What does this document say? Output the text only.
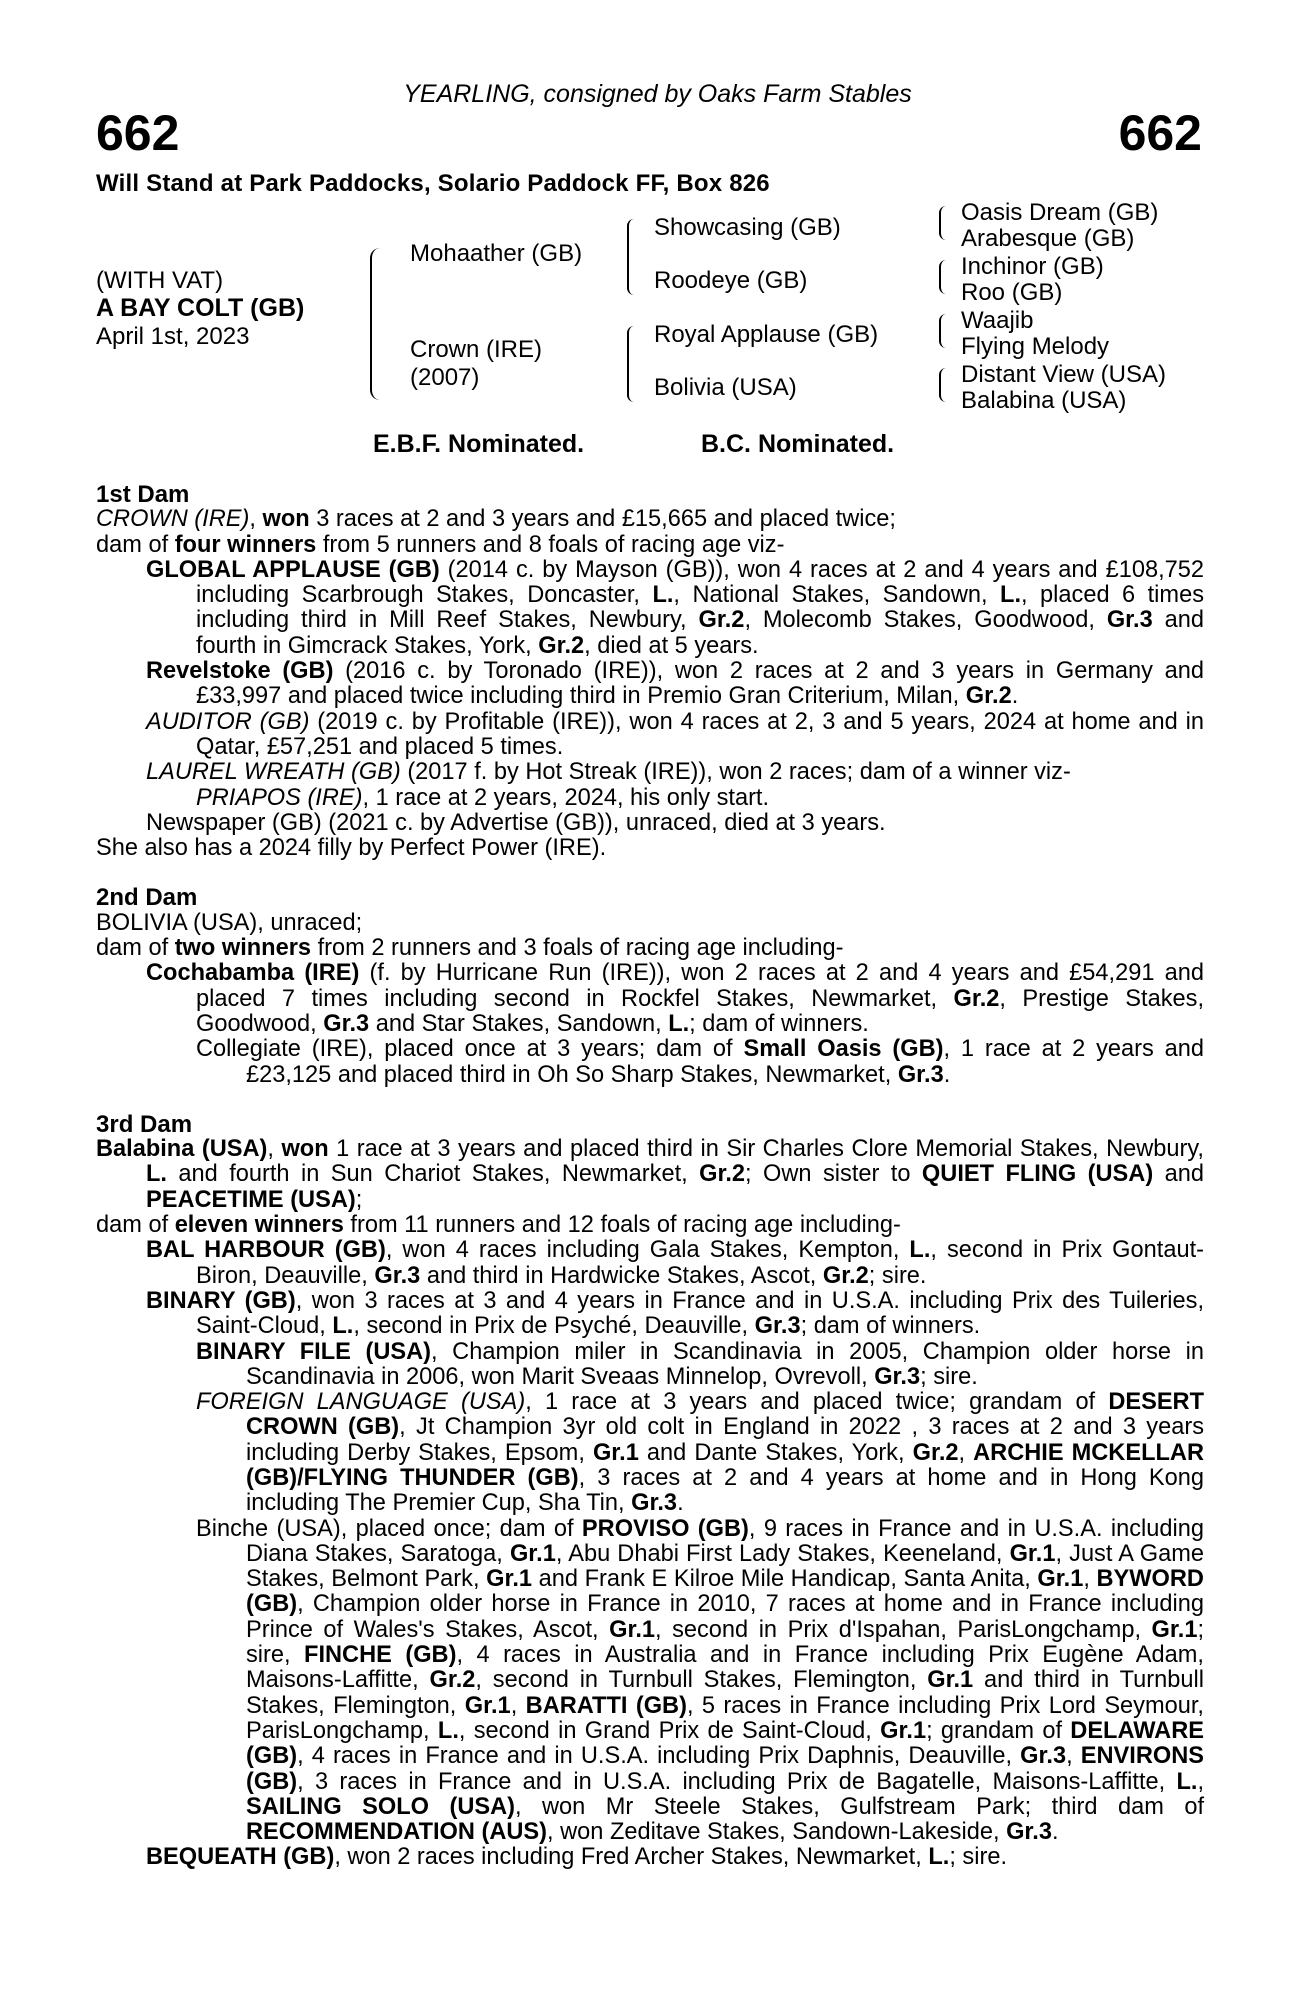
YEARLING, consigned by Oaks Farm Stables
662	662
Will Stand at Park Paddocks, Solario Paddock FF, Box 826
(WITH VAT)
A BAY COLT (GB)
April 1st, 2023
Mohaather (GB)
Crown (IRE)
(2007)
Showcasing (GB)
Roodeye (GB)
Royal Applause (GB)
Bolivia (USA)
Oasis Dream (GB)
Arabesque (GB)
Inchinor (GB)
Roo (GB)
Waajib
Flying Melody
Distant View (USA)
Balabina (USA)
E.B.F. Nominated.	B.C. Nominated.
1st Dam

CROWN (IRE), won 3 races at 2 and 3 years and £15,665 and placed twice;

dam of four winners from 5 runners and 8 foals of racing age viz-

GLOBAL APPLAUSE (GB) (2014 c. by Mayson (GB)), won 4 races at 2 and 4 years and £108,752 including Scarbrough Stakes, Doncaster, L., National Stakes, Sandown, L., placed 6 times including third in Mill Reef Stakes, Newbury, Gr.2, Molecomb Stakes, Goodwood, Gr.3 and fourth in Gimcrack Stakes, York, Gr.2, died at 5 years.

Revelstoke (GB) (2016 c. by Toronado (IRE)), won 2 races at 2 and 3 years in Germany and £33,997 and placed twice including third in Premio Gran Criterium, Milan, Gr.2.

AUDITOR (GB) (2019 c. by Profitable (IRE)), won 4 races at 2, 3 and 5 years, 2024 at home and in Qatar, £57,251 and placed 5 times.

LAUREL WREATH (GB) (2017 f. by Hot Streak (IRE)), won 2 races; dam of a winner viz-

PRIAPOS (IRE), 1 race at 2 years, 2024, his only start.

Newspaper (GB) (2021 c. by Advertise (GB)), unraced, died at 3 years.

She also has a 2024 filly by Perfect Power (IRE).

2nd Dam

BOLIVIA (USA), unraced;

dam of two winners from 2 runners and 3 foals of racing age including-

Cochabamba (IRE) (f. by Hurricane Run (IRE)), won 2 races at 2 and 4 years and £54,291 and placed 7 times including second in Rockfel Stakes, Newmarket, Gr.2, Prestige Stakes, Goodwood, Gr.3 and Star Stakes, Sandown, L.; dam of winners.

Collegiate (IRE), placed once at 3 years; dam of Small Oasis (GB), 1 race at 2 years and £23,125 and placed third in Oh So Sharp Stakes, Newmarket, Gr.3.

3rd Dam

Balabina (USA), won 1 race at 3 years and placed third in Sir Charles Clore Memorial Stakes, Newbury, L. and fourth in Sun Chariot Stakes, Newmarket, Gr.2; Own sister to QUIET FLING (USA) and PEACETIME (USA);

dam of eleven winners from 11 runners and 12 foals of racing age including-

BAL HARBOUR (GB), won 4 races including Gala Stakes, Kempton, L., second in Prix Gontaut-Biron, Deauville, Gr.3 and third in Hardwicke Stakes, Ascot, Gr.2; sire.

BINARY (GB), won 3 races at 3 and 4 years in France and in U.S.A. including Prix des Tuileries, Saint-Cloud, L., second in Prix de Psyché, Deauville, Gr.3; dam of winners.

BINARY FILE (USA), Champion miler in Scandinavia in 2005, Champion older horse in Scandinavia in 2006, won Marit Sveaas Minnelop, Ovrevoll, Gr.3; sire.

FOREIGN LANGUAGE (USA), 1 race at 3 years and placed twice; grandam of DESERT CROWN (GB), Jt Champion 3yr old colt in England in 2022 , 3 races at 2 and 3 years including Derby Stakes, Epsom, Gr.1 and Dante Stakes, York, Gr.2, ARCHIE MCKELLAR (GB)/FLYING THUNDER (GB), 3 races at 2 and 4 years at home and in Hong Kong including The Premier Cup, Sha Tin, Gr.3.

Binche (USA), placed once; dam of PROVISO (GB), 9 races in France and in U.S.A. including Diana Stakes, Saratoga, Gr.1, Abu Dhabi First Lady Stakes, Keeneland, Gr.1, Just A Game Stakes, Belmont Park, Gr.1 and Frank E Kilroe Mile Handicap, Santa Anita, Gr.1, BYWORD (GB), Champion older horse in France in 2010, 7 races at home and in France including Prince of Wales's Stakes, Ascot, Gr.1, second in Prix d'Ispahan, ParisLongchamp, Gr.1; sire, FINCHE (GB), 4 races in Australia and in France including Prix Eugène Adam, Maisons-Laffitte, Gr.2, second in Turnbull Stakes, Flemington, Gr.1 and third in Turnbull Stakes, Flemington, Gr.1, BARATTI (GB), 5 races in France including Prix Lord Seymour, ParisLongchamp, L., second in Grand Prix de Saint-Cloud, Gr.1; grandam of DELAWARE (GB), 4 races in France and in U.S.A. including Prix Daphnis, Deauville, Gr.3, ENVIRONS (GB), 3 races in France and in U.S.A. including Prix de Bagatelle, Maisons-Laffitte, L., SAILING SOLO (USA), won Mr Steele Stakes, Gulfstream Park; third dam of RECOMMENDATION (AUS), won Zeditave Stakes, Sandown-Lakeside, Gr.3.

BEQUEATH (GB), won 2 races including Fred Archer Stakes, Newmarket, L.; sire.
